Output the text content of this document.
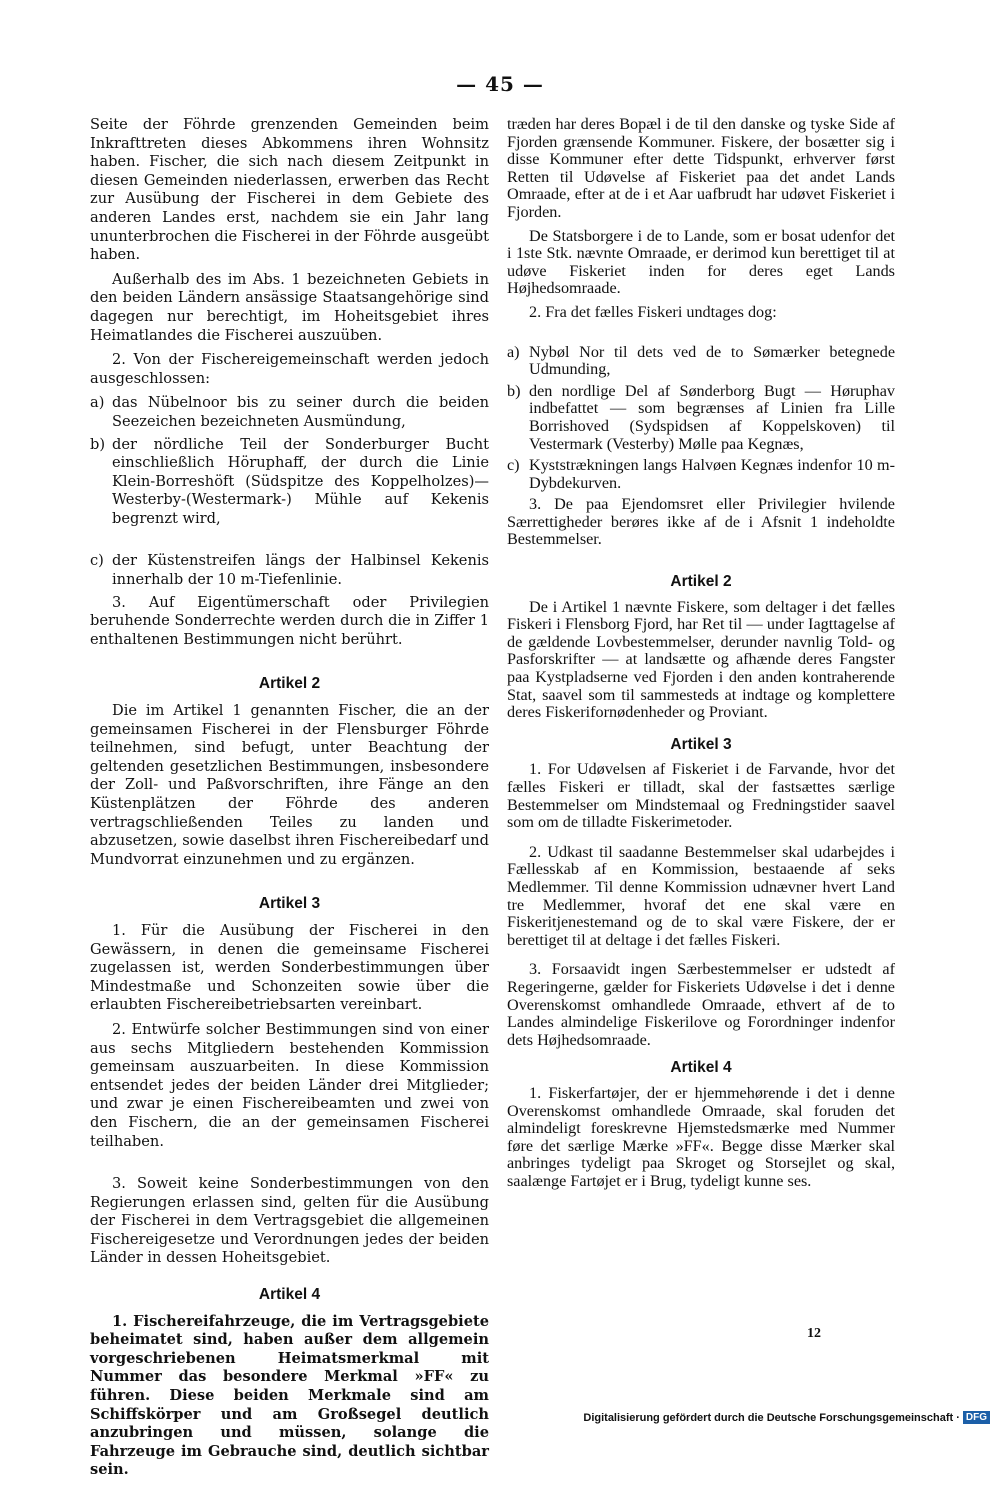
— 45 —

Seite der Föhrde grenzenden Gemeinden beim Inkrafttreten dieses Abkommens ihren Wohnsitz haben. Fischer, die sich nach diesem Zeitpunkt in diesen Gemeinden niederlassen, erwerben das Recht zur Ausübung der Fischerei in dem Gebiete des anderen Landes erst, nachdem sie ein Jahr lang ununterbrochen die Fischerei in der Föhrde ausgeübt haben.

Außerhalb des im Abs. 1 bezeichneten Gebiets in den beiden Ländern ansässige Staatsangehörige sind dagegen nur berechtigt, im Hoheitsgebiet ihres Heimatlandes die Fischerei auszuüben.

2. Von der Fischereigemeinschaft werden jedoch ausgeschlossen:

a) das Nübelnoor bis zu seiner durch die beiden Seezeichen bezeichneten Ausmündung,
b) der nördliche Teil der Sonderburger Bucht einschließlich Höruphaff, der durch die Linie Klein-Borreshöft (Südspitze des Koppelholzes)—Westerby-(Westermark-) Mühle auf Kekenis begrenzt wird,
c) der Küstenstreifen längs der Halbinsel Kekenis innerhalb der 10 m-Tiefenlinie.

3. Auf Eigentümerschaft oder Privilegien beruhende Sonderrechte werden durch die in Ziffer 1 enthaltenen Bestimmungen nicht berührt.

Artikel 2

Die im Artikel 1 genannten Fischer, die an der gemeinsamen Fischerei in der Flensburger Föhrde teilnehmen, sind befugt, unter Beachtung der geltenden gesetzlichen Bestimmungen, insbesondere der Zoll- und Paßvorschriften, ihre Fänge an den Küstenplätzen der Föhrde des anderen vertragschließenden Teiles zu landen und abzusetzen, sowie daselbst ihren Fischereibedarf und Mundvorrat einzunehmen und zu ergänzen.

Artikel 3

1. Für die Ausübung der Fischerei in den Gewässern, in denen die gemeinsame Fischerei zugelassen ist, werden Sonderbestimmungen über Mindestmaße und Schonzeiten sowie über die erlaubten Fischereibetriebsarten vereinbart.

2. Entwürfe solcher Bestimmungen sind von einer aus sechs Mitgliedern bestehenden Kommission gemeinsam auszuarbeiten. In diese Kommission entsendet jedes der beiden Länder drei Mitglieder; und zwar je einen Fischereibeamten und zwei von den Fischern, die an der gemeinsamen Fischerei teilhaben.

3. Soweit keine Sonderbestimmungen von den Regierungen erlassen sind, gelten für die Ausübung der Fischerei in dem Vertragsgebiet die allgemeinen Fischereigesetze und Verordnungen jedes der beiden Länder in dessen Hoheitsgebiet.

Artikel 4

1. Fischereifahrzeuge, die im Vertragsgebiete beheimatet sind, haben außer dem allgemein vorgeschriebenen Heimatsmerkmal mit Nummer das besondere Merkmal »FF« zu führen. Diese beiden Merkmale sind am Schiffskörper und am Großsegel deutlich anzubringen und müssen, solange die Fahrzeuge im Gebrauche sind, deutlich sichtbar sein.

træden har deres Bopæl i de til den danske og tyske Side af Fjorden grænsende Kommuner. Fiskere, der bosætter sig i disse Kommuner efter dette Tidspunkt, erhverver først Retten til Udøvelse af Fiskeriet paa det andet Lands Omraade, efter at de i et Aar uafbrudt har udøvet Fiskeriet i Fjorden.

De Statsborgere i de to Lande, som er bosat udenfor det i 1ste Stk. nævnte Omraade, er derimod kun berettiget til at udøve Fiskeriet inden for deres eget Lands Højhedsomraade.

2. Fra det fælles Fiskeri undtages dog:

a) Nybøl Nor til dets ved de to Sømærker betegnede Udmunding,
b) den nordlige Del af Sønderborg Bugt — Høruphav indbefattet — som begrænses af Linien fra Lille Borrishoved (Sydspidsen af Koppelskoven) til Vestermark (Vesterby) Mølle paa Kegnæs,
c) Kyststrækningen langs Halvøen Kegnæs indenfor 10 m-Dybdekurven.

3. De paa Ejendomsret eller Privilegier hvilende Særrettigheder berøres ikke af de i Afsnit 1 indeholdte Bestemmelser.

Artikel 2

De i Artikel 1 nævnte Fiskere, som deltager i det fælles Fiskeri i Flensborg Fjord, har Ret til — under Iagttagelse af de gældende Lovbestemmelser, derunder navnlig Told- og Pasforskrifter — at landsætte og afhænde deres Fangster paa Kystpladserne ved Fjorden i den anden kontraherende Stat, saavel som til sammesteds at indtage og komplettere deres Fiskerifornødenheder og Proviant.

Artikel 3

1. For Udøvelsen af Fiskeriet i de Farvande, hvor det fælles Fiskeri er tilladt, skal der fastsættes særlige Bestemmelser om Mindstemaal og Fredningstider saavel som om de tilladte Fiskerimetoder.

2. Udkast til saadanne Bestemmelser skal udarbejdes i Fællesskab af en Kommission, bestaaende af seks Medlemmer. Til denne Kommission udnævner hvert Land tre Medlemmer, hvoraf det ene skal være en Fiskeritjenestemand og de to skal være Fiskere, der er berettiget til at deltage i det fælles Fiskeri.

3. Forsaavidt ingen Særbestemmelser er udstedt af Regeringerne, gælder for Fiskeriets Udøvelse i det i denne Overenskomst omhandlede Omraade, ethvert af de to Landes almindelige Fiskerilove og Forordninger indenfor dets Højhedsomraade.

Artikel 4

1. Fiskerfartøjer, der er hjemmehørende i det i denne Overenskomst omhandlede Omraade, skal foruden det almindeligt foreskrevne Hjemstedsmærke med Nummer føre det særlige Mærke »FF«. Begge disse Mærker skal anbringes tydeligt paa Skroget og Storsejlet og skal, saalænge Fartøjet er i Brug, tydeligt kunne ses.

12
Digitalisierung gefördert durch die Deutsche Forschungsgemeinschaft · DFG
